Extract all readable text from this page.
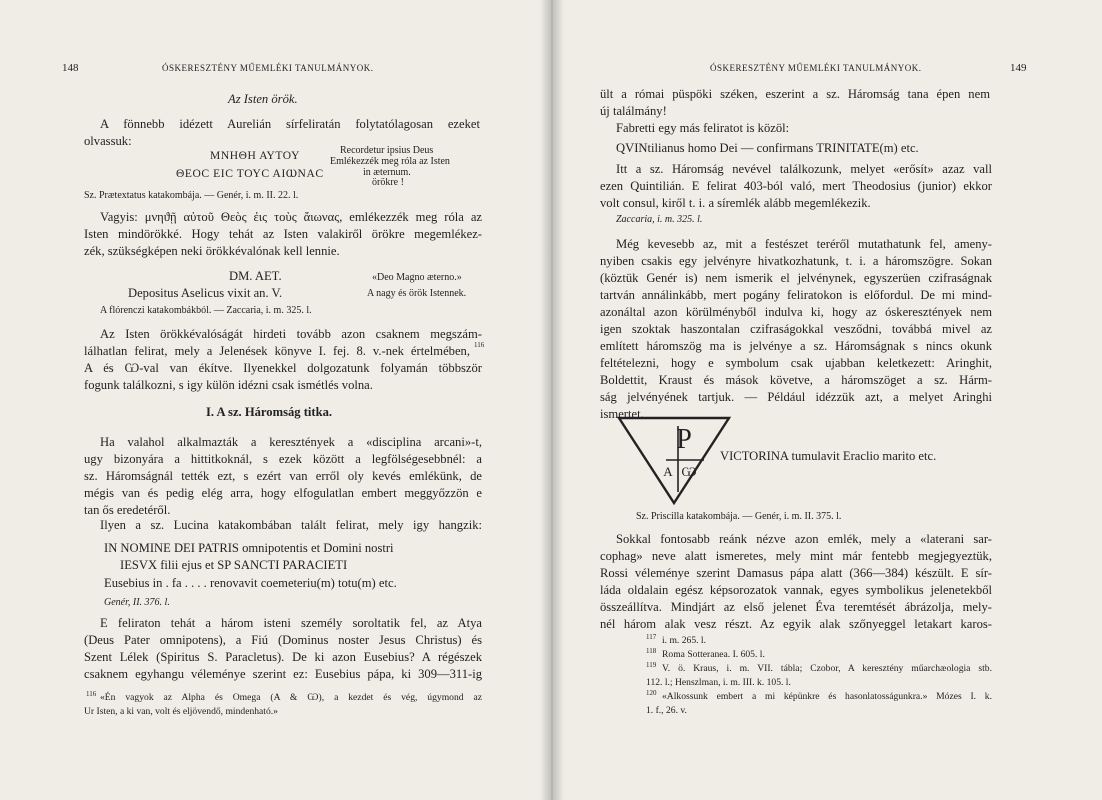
148	ÓSKERESZTÉNY MŰEMLÉKI TANULMÁNYOK.
Az Isten örök.
A fönnebb idézett Aurelián sírfeliratán folytatólagosan ezeket
olvassuk:
ΜΝΗΘΗ ΑΥΤΟΥ
ΘΕΟϹ ΕΙϹ ΤΟΥϹ ΑΙⲰΝΑϹ
Recordetur ipsius Deus
Emlékezzék meg róla az Isten
in æternum.
örökre !
Sz. Prætextatus katakombája. — Genér, i. m. II. 22. l.
Vagyis: μνηϑῇ αὐτοῦ Θεὸς ἐις τοὺς ἄιωνας, emlékezzék meg róla az
Isten mindörökké. Hogy tehát az Isten valakiről örökre megemlékez-
zék, szükségképen neki örökkévalónak kell lennie.
DM. AET.
Depositus Aselicus vixit an. V.
«Deo Magno æterno.»
A nagy és örök Istennek.
A flórenczi katakombákból. — Zaccaria, i. m. 325. l.
Az Isten örökkévalóságát hirdeti tovább azon csaknem megszám-
lálhatlan felirat, mely a Jelenések könyve I. fej. 8. v.-nek értelmében, 116
A és Ѡ-val van ékítve. Ilyenekkel dolgozatunk folyamán többször
fogunk találkozni, s igy külön idézni csak ismétlés volna.
I. A sz. Háromság titka.
Ha valahol alkalmazták a keresztények a «disciplina arcani»-t,
ugy bizonyára a hittitkoknál, s ezek között a legfölségesebbnél: a
sz. Háromságnál tették ezt, s ezért van erről oly kevés emlékünk, de
mégis van és pedig elég arra, hogy elfogulatlan embert meggyőzzön e
tan ős eredetéről.
Ilyen a sz. Lucina katakombában talált felirat, mely igy hangzik:
IN NOMINE DEI PATRIS omnipotentis et Domini nostri
IESVX filii ejus et SP SANCTI PARACIETI
Eusebius in . fa . . . . renovavit coemeteriu(m) totu(m) etc.
Genér, II. 376. l.
E feliraton tehát a három isteni személy soroltatik fel, az Atya
(Deus Pater omnipotens), a Fiú (Dominus noster Jesus Christus) és
Szent Lélek (Spiritus S. Paracletus). De ki azon Eusebius? A régészek
csaknem egyhangu véleménye szerint ez: Eusebius pápa, ki 309—311-ig
116 «Én vagyok az Alpha és Omega (A & Ѡ), a kezdet és vég, úgymond az
Ur Isten, a ki van, volt és eljövendő, mindenható.»
ÓSKERESZTÉNY MŰEMLÉKI TANULMÁNYOK.	149
ült a római püspöki széken, eszerint a sz. Háromság tana épen nem
új találmány!
Fabretti egy más feliratot is közöl:
QVINtilianus homo Dei — confirmans TRINITATE(m) etc.
Itt a sz. Háromság nevével találkozunk, melyet «erősít» azaz vall
ezen Quintilián. E felirat 403-ból való, mert Theodosius (junior) ekkor
volt consul, kiről t. i. a síremlék alább megemlékezik.
Zaccaria, i. m. 325. l.
Még kevesebb az, mit a festészet teréről mutathatunk fel, ameny-
nyiben csakis egy jelvényre hivatkozhatunk, t. i. a háromszögre. Sokan
(köztük Genér is) nem ismerik el jelvénynek, egyszerüen czifraságnak
tartván annálinkább, mert pogány feliratokon is előfordul. De mi mind-
azonáltal azon körülményből indulva ki, hogy az óskeresztények nem
igen szoktak haszontalan czifraságokkal vesződni, továbbá mivel az
említett háromszög ma is jelvénye a sz. Háromságnak s nincs okunk
feltételezni, hogy e symbolum csak ujabban keletkezett: Aringhit,
Boldettit, Kraust és mások követve, a háromszöget a sz. Hárm-
ság jelvényének tartjuk. — Például idézzük azt, a melyet Aringhi
ismertet.
P
A Ѡ
VICTORINA tumulavit Eraclio marito etc.
Sz. Priscilla katakombája. — Genér, i. m. II. 375. l.
Sokkal fontosabb reánk nézve azon emlék, mely a «laterani sar-
cophag» neve alatt ismeretes, mely mint már fentebb megjegyeztük,
Rossi véleménye szerint Damasus pápa alatt (366—384) készült. E sír-
láda oldalain egész képsorozatok vannak, egyes symbolikus jelenetekből
összeállítva. Mindjárt az első jelenet Éva teremtését ábrázolja, mely-
nél három alak vesz részt. Az egyik alak szőnyeggel letakart karos-
117 i. m. 265. l.
118 Roma Sotteranea. I. 605. l.
119 V. ö. Kraus, i. m. VII. tábla; Czobor, A keresztény műarchæologia stb.
112. l.; Henszlman, i. m. III. k. 105. l.
120 «Alkossunk embert a mi képünkre és hasonlatosságunkra.» Mózes I. k.
1. f., 26. v.
